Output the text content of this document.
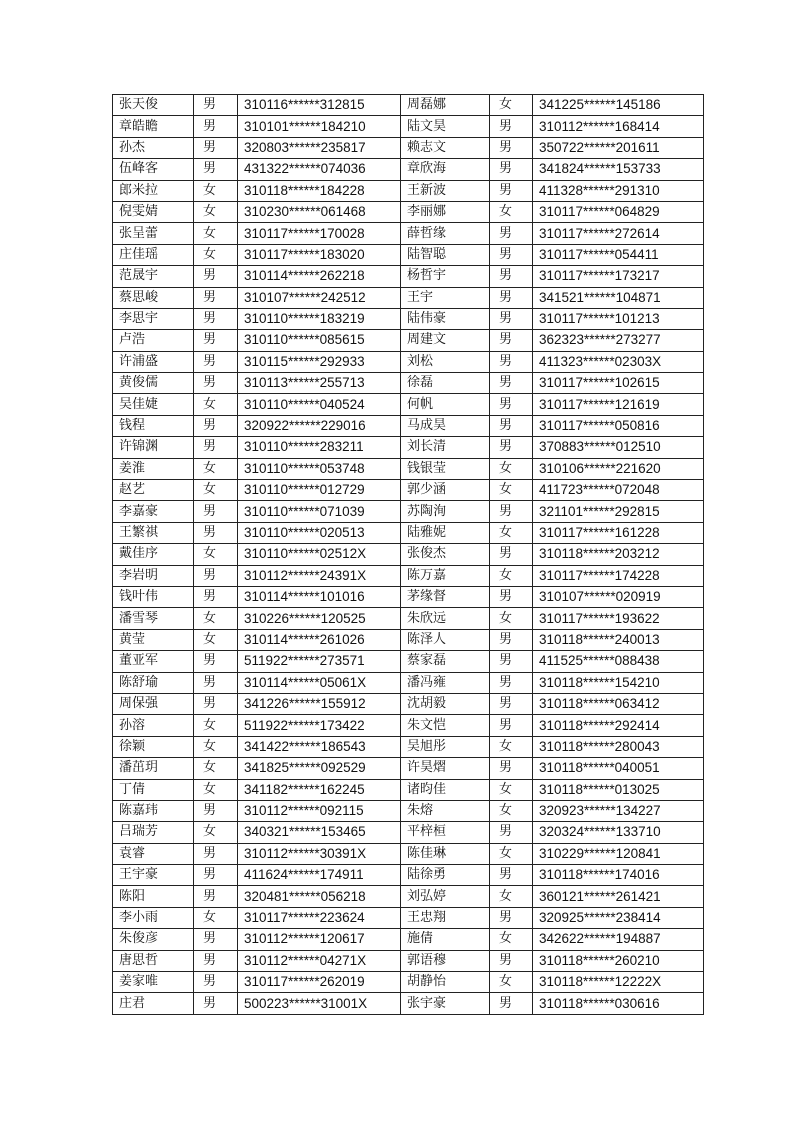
张天俊	男	310116******312815	周磊娜	女	341225******145186
章皓瞻	男	310101******184210	陆文昊	男	310112******168414
孙杰	男	320803******235817	赖志文	男	350722******201611
伍峰客	男	431322******074036	章欣海	男	341824******153733
郎米拉	女	310118******184228	王新波	男	411328******291310
倪雯婧	女	310230******061468	李丽娜	女	310117******064829
张呈蕾	女	310117******170028	薛哲缘	男	310117******272614
庄佳瑶	女	310117******183020	陆智聪	男	310117******054411
范晟宇	男	310114******262218	杨哲宇	男	310117******173217
蔡思峻	男	310107******242512	王宇	男	341521******104871
李思宇	男	310110******183219	陆伟豪	男	310117******101213
卢浩	男	310110******085615	周建文	男	362323******273277
许浦盛	男	310115******292933	刘松	男	411323******02303X
黄俊儒	男	310113******255713	徐磊	男	310117******102615
吴佳婕	女	310110******040524	何帆	男	310117******121619
钱程	男	320922******229016	马成昊	男	310117******050816
许锦渊	男	310110******283211	刘长清	男	370883******012510
姜淮	女	310110******053748	钱银莹	女	310106******221620
赵艺	女	310110******012729	郭少涵	女	411723******072048
李嘉豪	男	310110******071039	苏陶洵	男	321101******292815
王繁祺	男	310110******020513	陆雅妮	女	310117******161228
戴佳序	女	310110******02512X	张俊杰	男	310118******203212
李岩明	男	310112******24391X	陈万嘉	女	310117******174228
钱叶伟	男	310114******101016	茅缘督	男	310107******020919
潘雪琴	女	310226******120525	朱欣远	女	310117******193622
黄莹	女	310114******261026	陈泽人	男	310118******240013
董亚军	男	511922******273571	蔡家磊	男	411525******088438
陈舒瑜	男	310114******05061X	潘冯雍	男	310118******154210
周保强	男	341226******155912	沈胡毅	男	310118******063412
孙溶	女	511922******173422	朱文恺	男	310118******292414
徐颖	女	341422******186543	吴旭彤	女	310118******280043
潘茁玥	女	341825******092529	许昊熠	男	310118******040051
丁倩	女	341182******162245	诸昀佳	女	310118******013025
陈嘉玮	男	310112******092115	朱熔	女	320923******134227
吕瑞芳	女	340321******153465	平梓桓	男	320324******133710
袁睿	男	310112******30391X	陈佳琳	女	310229******120841
王宇豪	男	411624******174911	陆徐勇	男	310118******174016
陈阳	男	320481******056218	刘弘婷	女	360121******261421
李小雨	女	310117******223624	王忠翔	男	320925******238414
朱俊彦	男	310112******120617	施倩	女	342622******194887
唐思哲	男	310112******04271X	郭语穆	男	310118******260210
姜家唯	男	310117******262019	胡静怡	女	310118******12222X
庄君	男	500223******31001X	张宇豪	男	310118******030616
